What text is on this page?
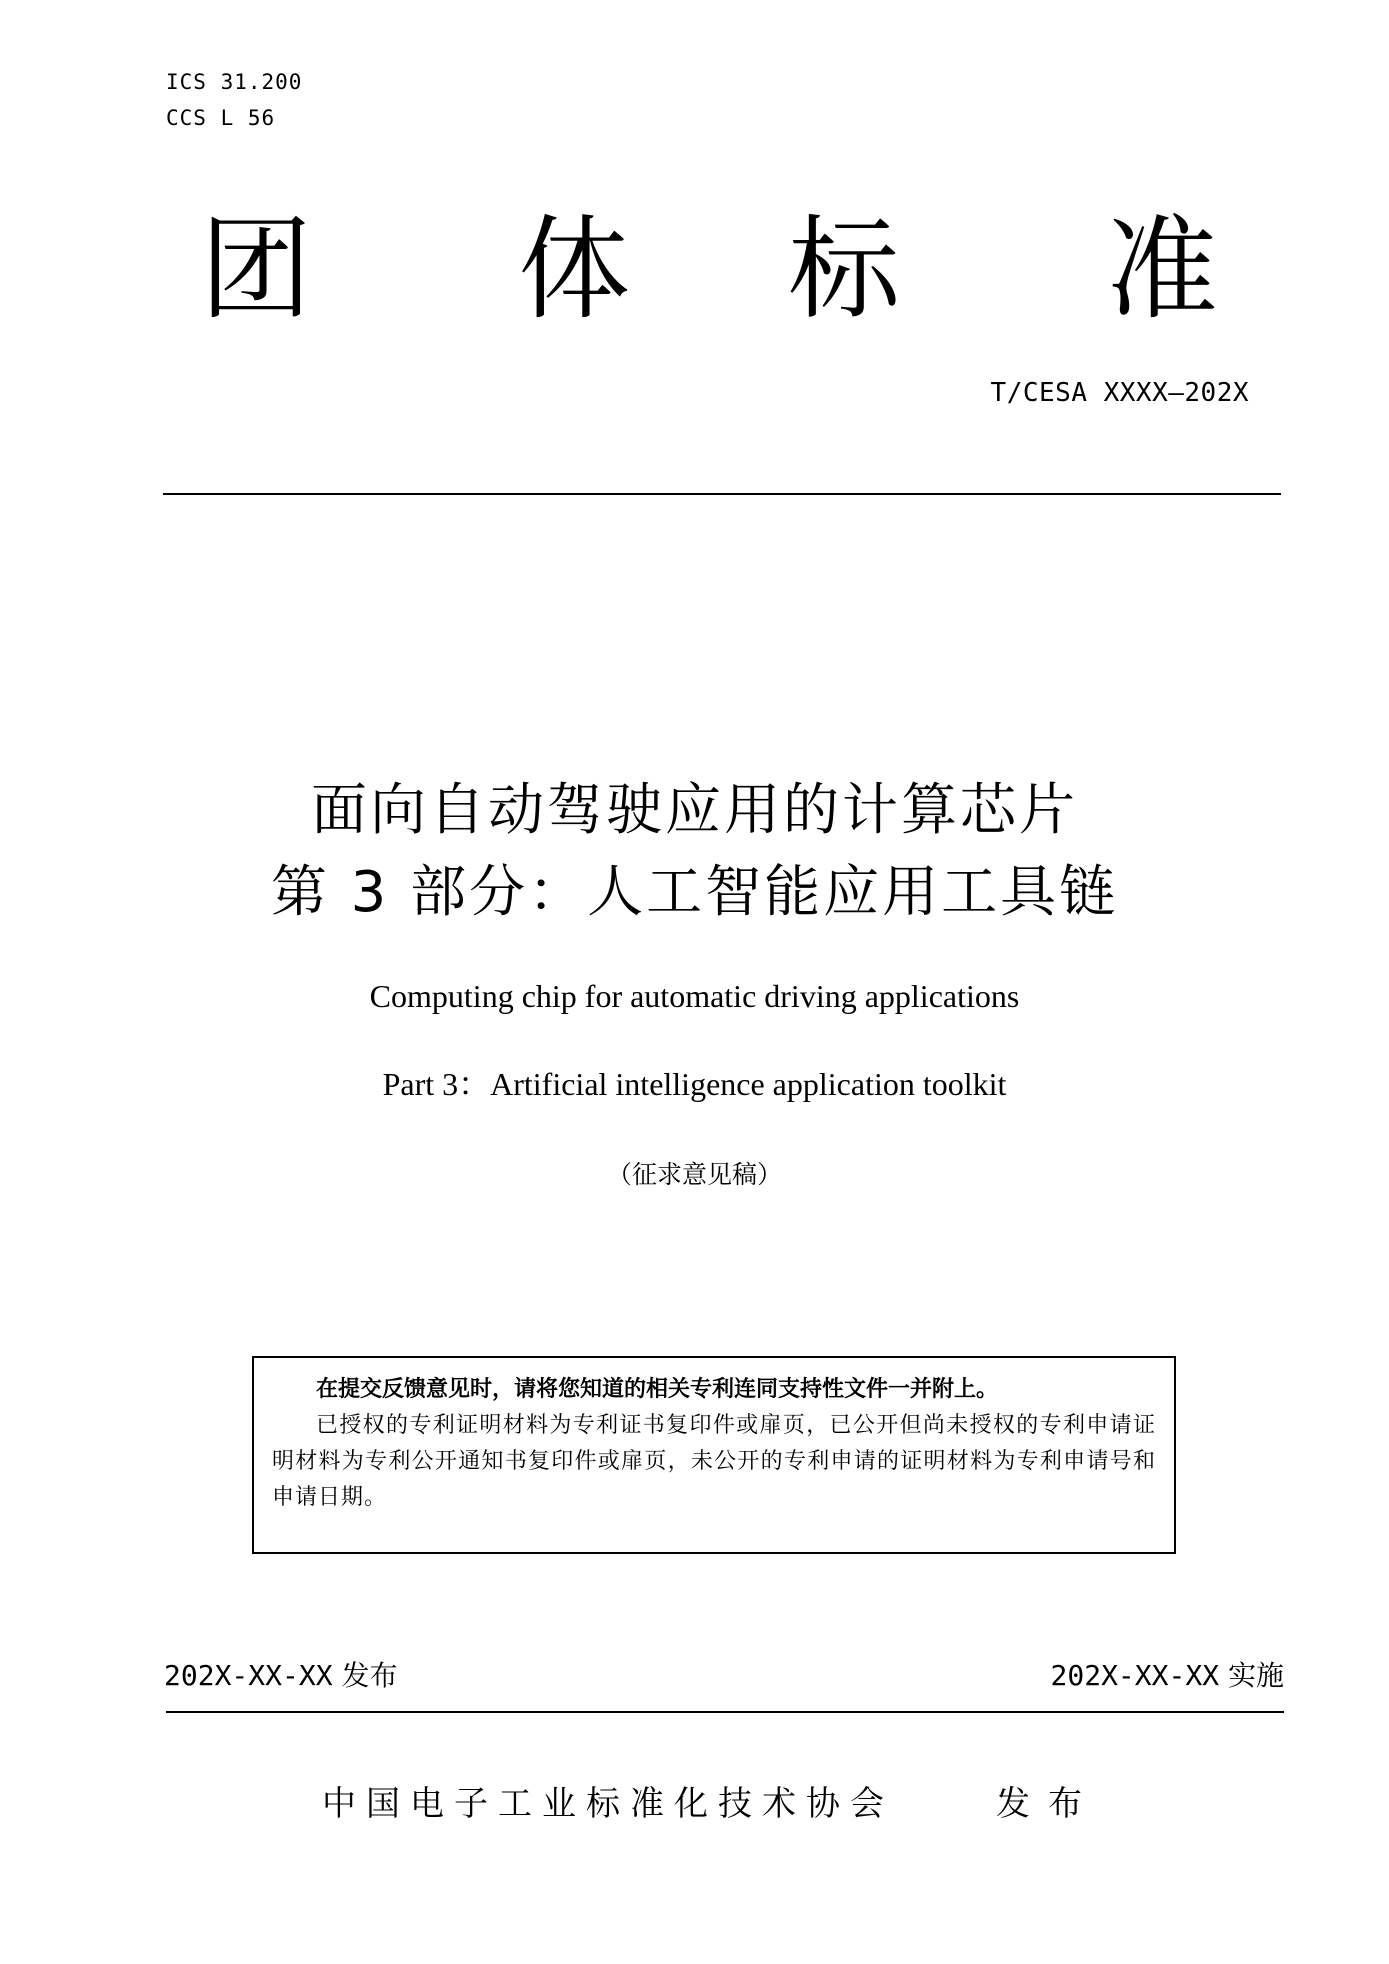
ICS 31.200
CCS L 56
团 体 标 准
T/CESA XXXX—202X
面向自动驾驶应用的计算芯片
第 3 部分：人工智能应用工具链
Computing chip for automatic driving applications
Part 3：Artificial intelligence application toolkit
（征求意见稿）

在提交反馈意见时，请将您知道的相关专利连同支持性文件一并附上。

已授权的专利证明材料为专利证书复印件或扉页，已公开但尚未授权的专利申请证明材料为专利公开通知书复印件或扉页，未公开的专利申请的证明材料为专利申请号和申请日期。

202X-XX-XX 发布	202X-XX-XX 实施
中国电子工业标准化技术协会	发布
